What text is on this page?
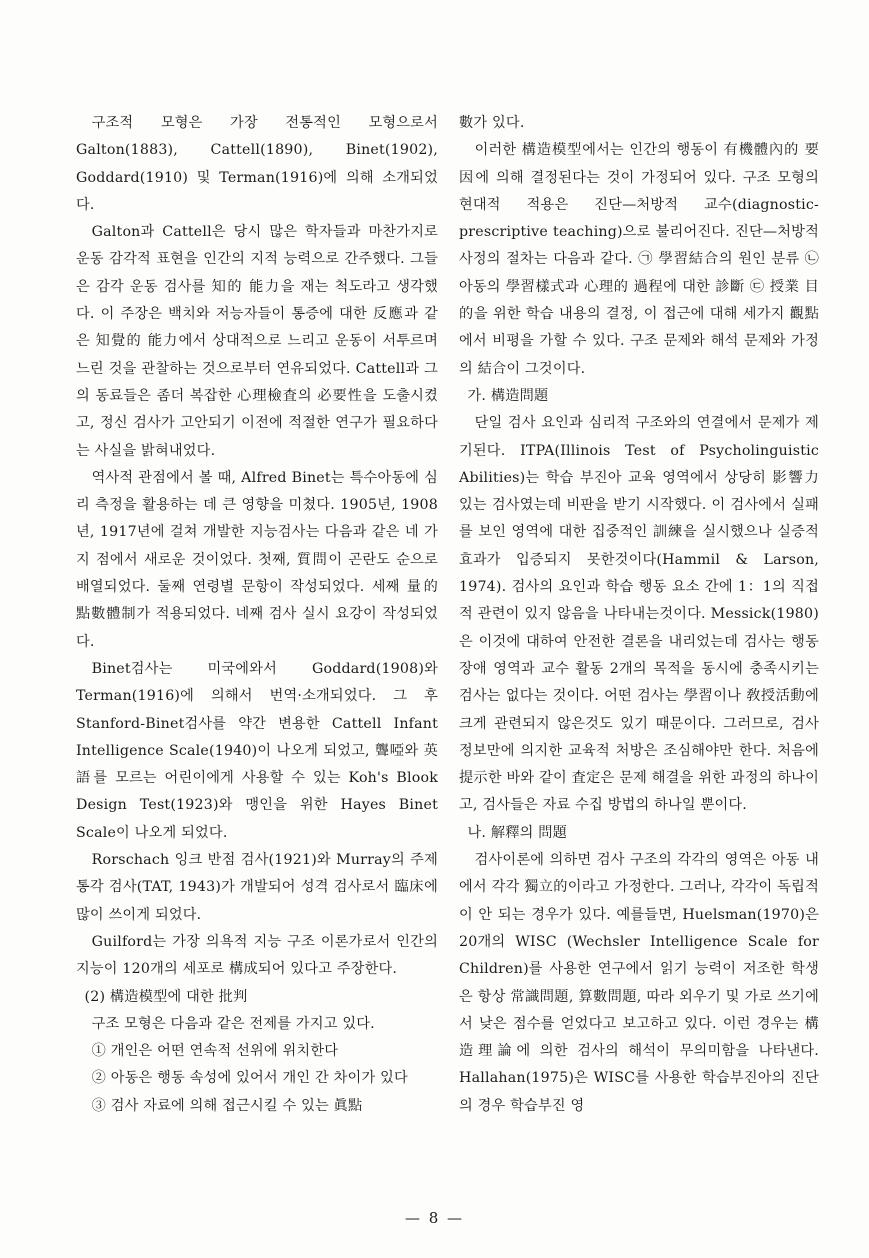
구조적 모형은 가장 전통적인 모형으로서 Galton(1883), Cattell(1890), Binet(1902), Goddard(1910) 및 Terman(1916)에 의해 소개되었다.

Galton과 Cattell은 당시 많은 학자들과 마찬가지로 운동 감각적 표현을 인간의 지적 능력으로 간주했다. 그들은 감각 운동 검사를 知的 能力을 재는 척도라고 생각했다. 이 주장은 백치와 저능자들이 통증에 대한 反應과 같은 知覺的 能力에서 상대적으로 느리고 운동이 서투르며 느린 것을 관찰하는 것으로부터 연유되었다. Cattell과 그의 동료들은 좀더 복잡한 心理檢査의 必要性을 도출시켰고, 정신 검사가 고안되기 이전에 적절한 연구가 필요하다는 사실을 밝혀내었다.

역사적 관점에서 볼 때, Alfred Binet는 특수아동에 심리 측정을 활용하는 데 큰 영향을 미쳤다. 1905년, 1908년, 1917년에 걸쳐 개발한 지능검사는 다음과 같은 네 가지 점에서 새로운 것이었다. 첫째, 質問이 곤란도 순으로 배열되었다. 둘째 연령별 문항이 작성되었다. 세째 量的 點數體制가 적용되었다. 네째 검사 실시 요강이 작성되었다.

Binet검사는 미국에와서 Goddard(1908)와 Terman(1916)에 의해서 번역·소개되었다. 그 후 Stanford-Binet검사를 약간 변용한 Cattell Infant Intelligence Scale(1940)이 나오게 되었고, 聾啞와 英語를 모르는 어린이에게 사용할 수 있는 Koh's Blook Design Test(1923)와 맹인을 위한 Hayes Binet Scale이 나오게 되었다.

Rorschach 잉크 반점 검사(1921)와 Murray의 주제 통각 검사(TAT, 1943)가 개발되어 성격 검사로서 臨床에 많이 쓰이게 되었다.

Guilford는 가장 의욕적 지능 구조 이론가로서 인간의 지능이 120개의 세포로 構成되어 있다고 주장한다.

(2) 構造模型에 대한 批判

구조 모형은 다음과 같은 전제를 가지고 있다.

① 개인은 어떤 연속적 선위에 위치한다

② 아동은 행동 속성에 있어서 개인 간 차이가 있다

③ 검사 자료에 의해 접근시킬 수 있는 眞點

數가 있다.

이러한 構造模型에서는 인간의 행동이 有機體內的 要因에 의해 결정된다는 것이 가정되어 있다. 구조 모형의 현대적 적용은 진단—처방적 교수(diagnostic-prescriptive teaching)으로 불리어진다. 진단—처방적 사정의 절차는 다음과 같다. ㉠ 學習結合의 원인 분류 ㉡ 아동의 學習樣式과 心理的 過程에 대한 診斷 ㉢ 授業 目的을 위한 학습 내용의 결정, 이 접근에 대해 세가지 觀點에서 비평을 가할 수 있다. 구조 문제와 해석 문제와 가정의 結合이 그것이다.

가. 構造問題

단일 검사 요인과 심리적 구조와의 연결에서 문제가 제기된다. ITPA(Illinois Test of Psycholinguistic Abilities)는 학습 부진아 교육 영역에서 상당히 影響力 있는 검사였는데 비판을 받기 시작했다. 이 검사에서 실패를 보인 영역에 대한 집중적인 訓練을 실시했으나 실증적 효과가 입증되지 못한것이다(Hammil & Larson, 1974). 검사의 요인과 학습 행동 요소 간에 1：1의 직접적 관련이 있지 않음을 나타내는것이다. Messick(1980)은 이것에 대하여 안전한 결론을 내리었는데 검사는 행동 장애 영역과 교수 활동 2개의 목적을 동시에 충족시키는 검사는 없다는 것이다. 어떤 검사는 學習이나 敎授活動에 크게 관련되지 않은것도 있기 때문이다. 그러므로, 검사 정보만에 의지한 교육적 처방은 조심해야만 한다. 처음에 提示한 바와 같이 査定은 문제 해결을 위한 과정의 하나이고, 검사들은 자료 수집 방법의 하나일 뿐이다.

나. 解釋의 問題

검사이론에 의하면 검사 구조의 각각의 영역은 아동 내에서 각각 獨立的이라고 가정한다. 그러나, 각각이 독립적이 안 되는 경우가 있다. 예를들면, Huelsman(1970)은 20개의 WISC (Wechsler Intelligence Scale for Children)를 사용한 연구에서 읽기 능력이 저조한 학생은 항상 常識問題, 算數問題, 따라 외우기 및 가로 쓰기에서 낮은 점수를 얻었다고 보고하고 있다. 이런 경우는 構造理論에 의한 검사의 해석이 무의미함을 나타낸다. Hallahan(1975)은 WISC를 사용한 학습부진아의 진단의 경우 학습부진 영

— 8 —
